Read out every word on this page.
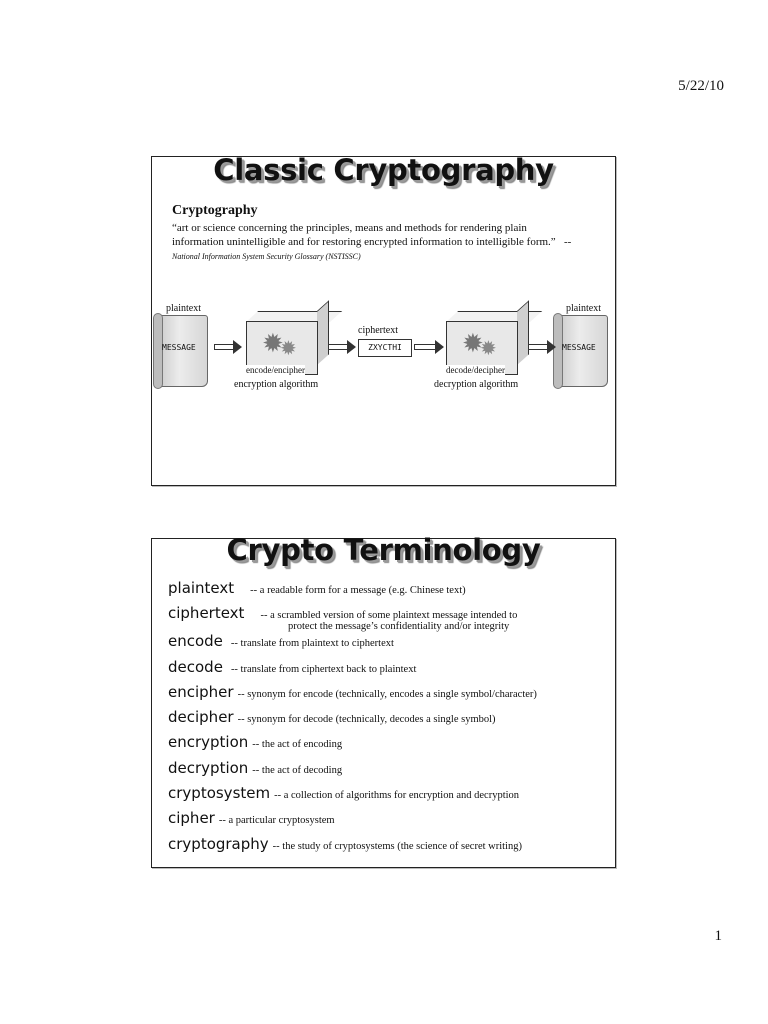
5/22/10
Classic Cryptography
Cryptography
“art or science concerning the principles, means and methods for rendering plain information unintelligible and for restoring encrypted information to intelligible form.” -- National Information System Security Glossary (NSTISSC)
plaintext	plaintext
MESSAGE	MESSAGE
✹
✹
encode/encipher
encryption algorithm
ciphertext
ZXYCTHI	✹
✹
decode/decipher
decryption algorithm
Crypto Terminology
plaintext -- a readable form for a message (e.g. Chinese text)
ciphertext -- a scrambled version of some plaintext message intended to
protect the message’s confidentiality and/or integrity
encode -- translate from plaintext to ciphertext
decode -- translate from ciphertext back to plaintext
encipher -- synonym for encode (technically, encodes a single symbol/character)
decipher -- synonym for decode (technically, decodes a single symbol)
encryption -- the act of encoding
decryption -- the act of decoding
cryptosystem -- a collection of algorithms for encryption and decryption
cipher -- a particular cryptosystem
cryptography -- the study of cryptosystems (the science of secret writing)
1
